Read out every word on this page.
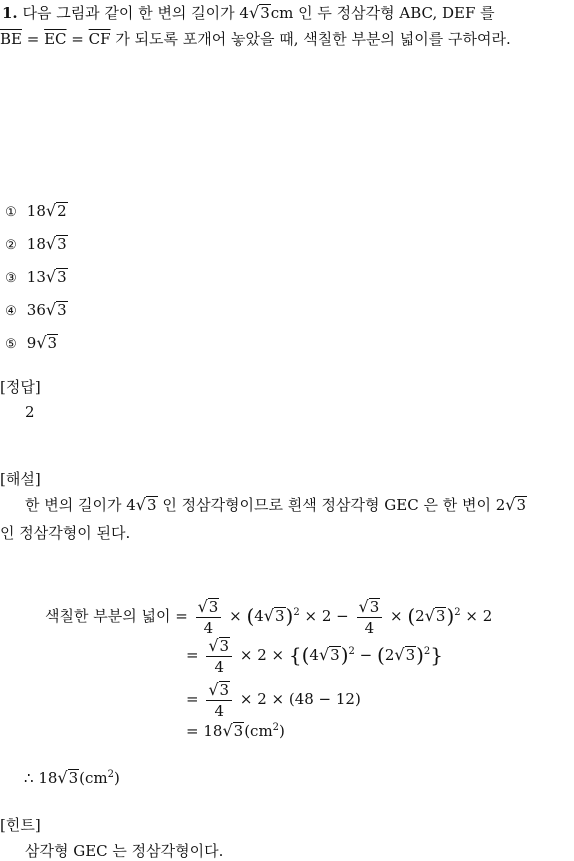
1. 다음 그림과 같이 한 변의 길이가 4√3cm 인 두 정삼각형 ABC, DEF 를
$\overline{BE} = \overline{EC} = \overline{CF}$ 가 되도록 포개어 놓았을 때, 색칠한 부분의 넓이를 구하여라.
① 18√2
② 18√3
③ 13√3
④ 36√3
⑤ 9√3
[정답]
2
[해설]
한 변의 길이가 4√3 인 정삼각형이므로 흰색 정삼각형 GEC 은 한 변이 2√3
인 정삼각형이 된다.
색칠한 부분의 넓이 = $\frac{√3}{4} \times (4√3)^2 \times 2 - \frac{√3}{4} \times (2√3)^2 \times 2$
= $\frac{√3}{4} \times 2 \times \{(4√3)^2 - (2√3)^2\}$
= $\frac{√3}{4} \times 2 \times (48 - 12)$
= $18√3(cm^2)$
∴ $18√3(cm^2)$
[힌트]
삼각형 GEC 는 정삼각형이다.
